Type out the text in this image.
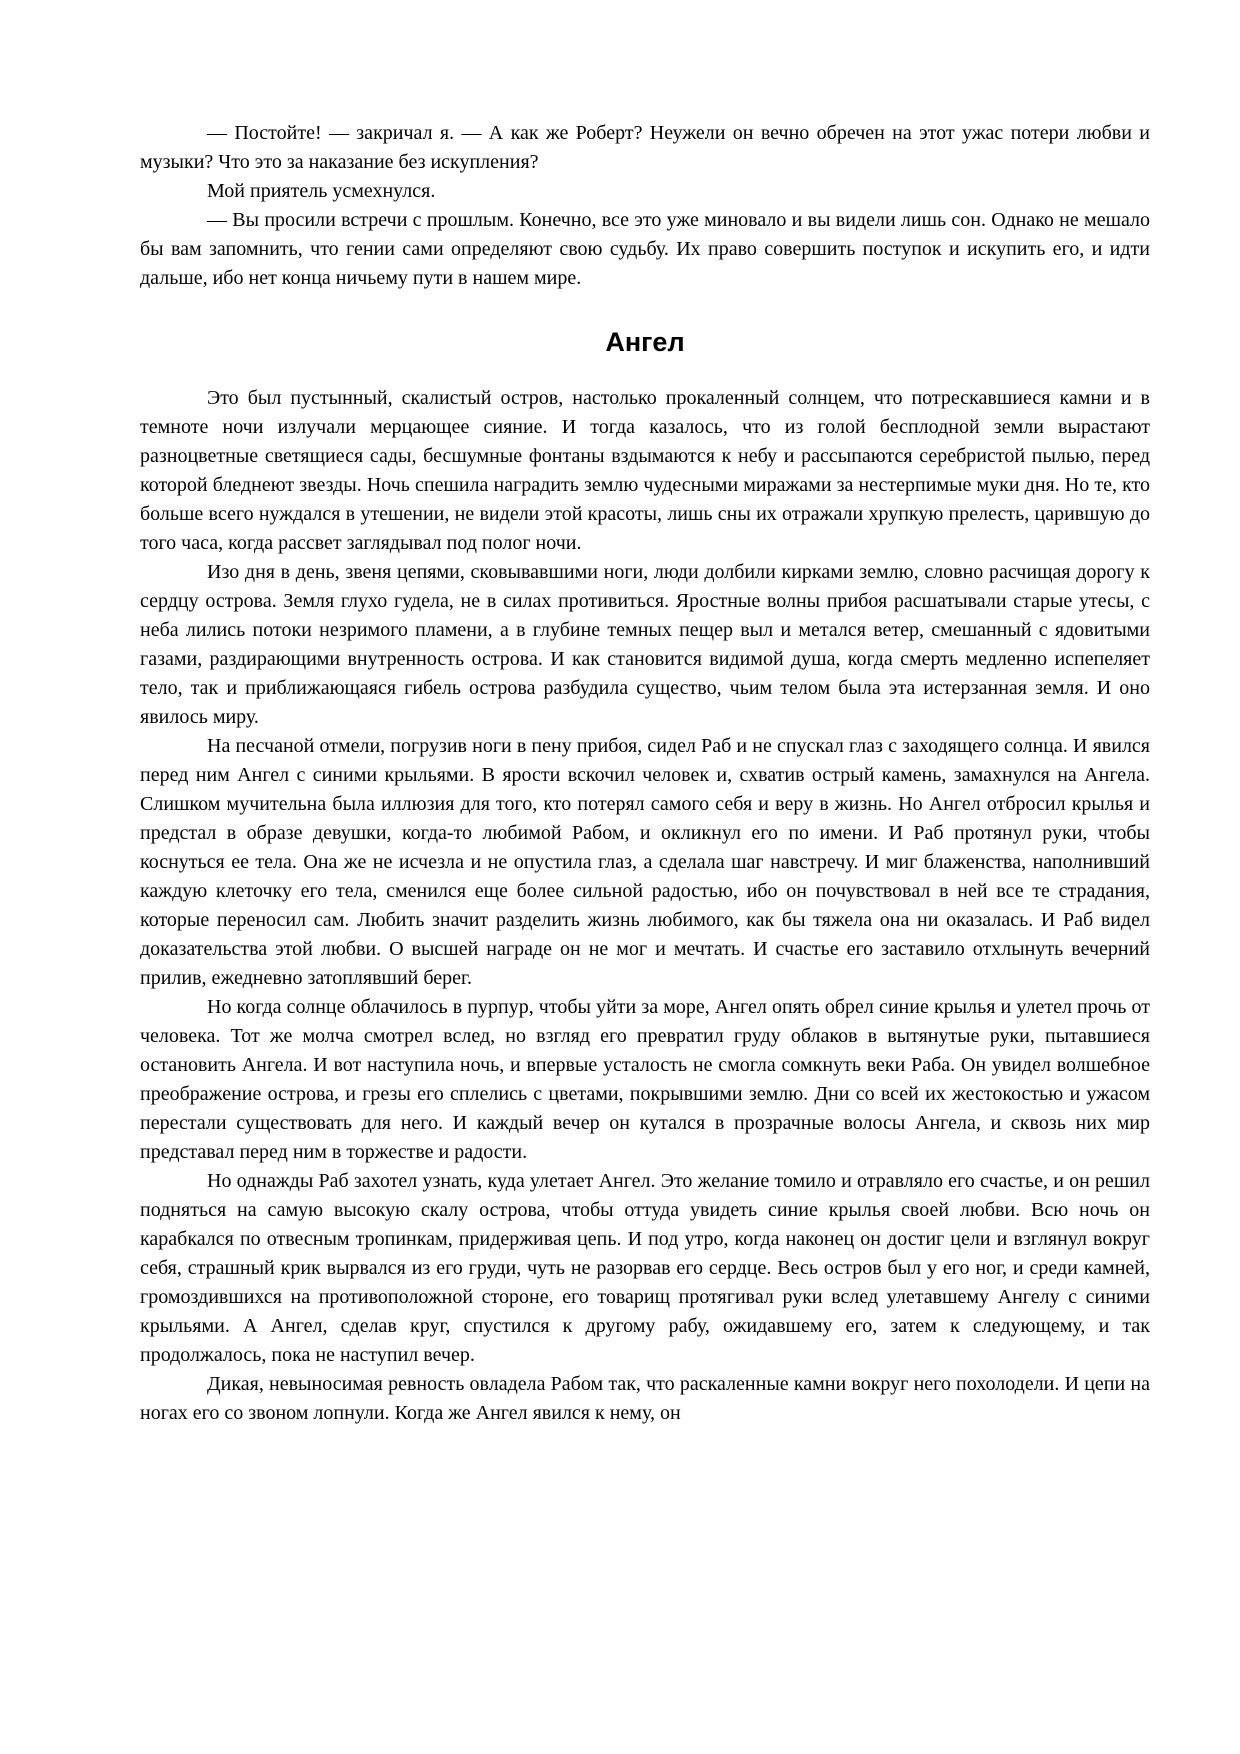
— Постойте! — закричал я. — А как же Роберт? Неужели он вечно обречен на этот ужас потери любви и музыки? Что это за наказание без искупления?

Мой приятель усмехнулся.

— Вы просили встречи с прошлым. Конечно, все это уже миновало и вы видели лишь сон. Однако не мешало бы вам запомнить, что гении сами определяют свою судьбу. Их право совершить поступок и искупить его, и идти дальше, ибо нет конца ничьему пути в нашем мире.

Ангел

Это был пустынный, скалистый остров, настолько прокаленный солнцем, что потрескавшиеся камни и в темноте ночи излучали мерцающее сияние. И тогда казалось, что из голой бесплодной земли вырастают разноцветные светящиеся сады, бесшумные фонтаны вздымаются к небу и рассыпаются серебристой пылью, перед которой бледнеют звезды. Ночь спешила наградить землю чудесными миражами за нестерпимые муки дня. Но те, кто больше всего нуждался в утешении, не видели этой красоты, лишь сны их отражали хрупкую прелесть, царившую до того часа, когда рассвет заглядывал под полог ночи.

Изо дня в день, звеня цепями, сковывавшими ноги, люди долбили кирками землю, словно расчищая дорогу к сердцу острова. Земля глухо гудела, не в силах противиться. Яростные волны прибоя расшатывали старые утесы, с неба лились потоки незримого пламени, а в глубине темных пещер выл и метался ветер, смешанный с ядовитыми газами, раздирающими внутренность острова. И как становится видимой душа, когда смерть медленно испепеляет тело, так и приближающаяся гибель острова разбудила существо, чьим телом была эта истерзанная земля. И оно явилось миру.

На песчаной отмели, погрузив ноги в пену прибоя, сидел Раб и не спускал глаз с заходящего солнца. И явился перед ним Ангел с синими крыльями. В ярости вскочил человек и, схватив острый камень, замахнулся на Ангела. Слишком мучительна была иллюзия для того, кто потерял самого себя и веру в жизнь. Но Ангел отбросил крылья и предстал в образе девушки, когда-то любимой Рабом, и окликнул его по имени. И Раб протянул руки, чтобы коснуться ее тела. Она же не исчезла и не опустила глаз, а сделала шаг навстречу. И миг блаженства, наполнивший каждую клеточку его тела, сменился еще более сильной радостью, ибо он почувствовал в ней все те страдания, которые переносил сам. Любить значит разделить жизнь любимого, как бы тяжела она ни оказалась. И Раб видел доказательства этой любви. О высшей награде он не мог и мечтать. И счастье его заставило отхлынуть вечерний прилив, ежедневно затоплявший берег.

Но когда солнце облачилось в пурпур, чтобы уйти за море, Ангел опять обрел синие крылья и улетел прочь от человека. Тот же молча смотрел вслед, но взгляд его превратил груду облаков в вытянутые руки, пытавшиеся остановить Ангела. И вот наступила ночь, и впервые усталость не смогла сомкнуть веки Раба. Он увидел волшебное преображение острова, и грезы его сплелись с цветами, покрывшими землю. Дни со всей их жестокостью и ужасом перестали существовать для него. И каждый вечер он кутался в прозрачные волосы Ангела, и сквозь них мир представал перед ним в торжестве и радости.

Но однажды Раб захотел узнать, куда улетает Ангел. Это желание томило и отравляло его счастье, и он решил подняться на самую высокую скалу острова, чтобы оттуда увидеть синие крылья своей любви. Всю ночь он карабкался по отвесным тропинкам, придерживая цепь. И под утро, когда наконец он достиг цели и взглянул вокруг себя, страшный крик вырвался из его груди, чуть не разорвав его сердце. Весь остров был у его ног, и среди камней, громоздившихся на противоположной стороне, его товарищ протягивал руки вслед улетавшему Ангелу с синими крыльями. А Ангел, сделав круг, спустился к другому рабу, ожидавшему его, затем к следующему, и так продолжалось, пока не наступил вечер.

Дикая, невыносимая ревность овладела Рабом так, что раскаленные камни вокруг него похолодели. И цепи на ногах его со звоном лопнули. Когда же Ангел явился к нему, он
